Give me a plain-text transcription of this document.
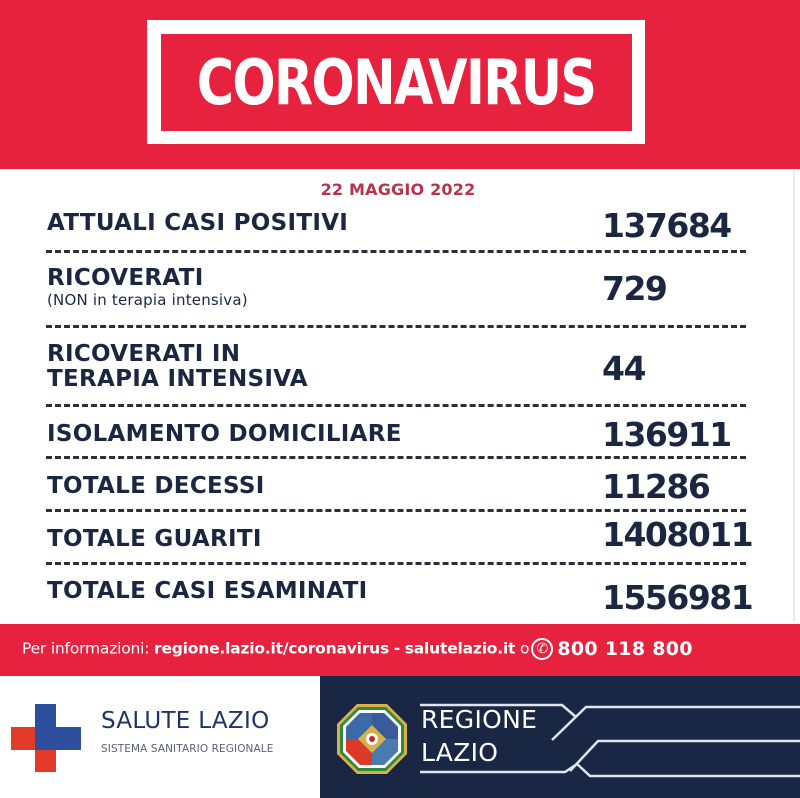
CORONAVIRUS
22 MAGGIO 2022
ATTUALI CASI POSITIVI	137684
RICOVERATI
(NON in terapia intensiva)	729
RICOVERATI IN
TERAPIA INTENSIVA	44
ISOLAMENTO DOMICILIARE	136911
TOTALE DECESSI	11286
TOTALE GUARITI	1408011
TOTALE CASI ESAMINATI	1556981
Per informazioni: regione.lazio.it/coronavirus - salutelazio.it o ✆ 800 118 800
SALUTE LAZIO
SISTEMA SANITARIO REGIONALE
REGIONE
LAZIO
